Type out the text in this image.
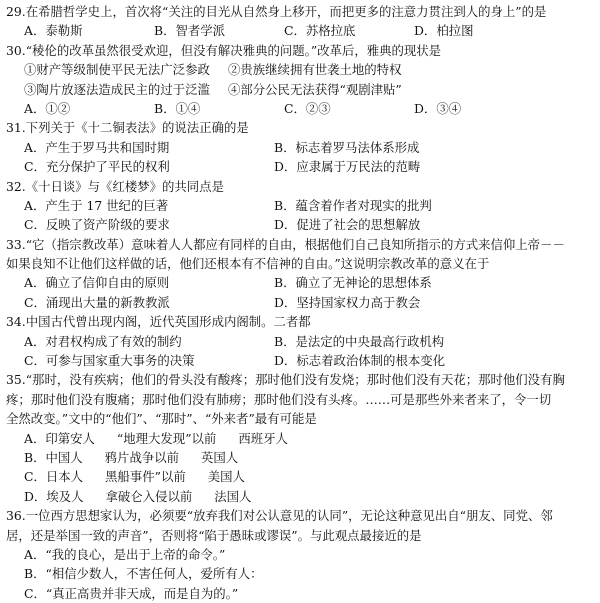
29.在希腊哲学史上，首次将“关注的目光从自然身上移开，而把更多的注意力贯注到人的身上”的是
A．泰勒斯	B．智者学派	C．苏格拉底	D．柏拉图
30.“稜伦的改革虽然很受欢迎，但没有解决雅典的问题。”改革后，雅典的现状是
①财产等级制使平民无法广泛参政	②贵族继续拥有世袭土地的特权
③陶片放逐法造成民主的过于泛滥	④部分公民无法获得“观剧津贴”
A．①②	B．①④	C．②③	D．③④
31.下列关于《十二铜表法》的说法正确的是
A．产生于罗马共和国时期	B．标志着罗马法体系形成
C．充分保护了平民的权利	D．应隶属于万民法的范畴
32.《十日谈》与《红楼梦》的共同点是
A．产生于 17 世纪的巨著	B．蕴含着作者对现实的批判
C．反映了资产阶级的要求	D．促进了社会的思想解放
33.“它（指宗教改革）意味着人人都应有同样的自由，根据他们自己良知所指示的方式来信仰上帝－－
如果良知不让他们这样做的话，他们还根本有不信神的自由。”这说明宗教改革的意义在于
A．确立了信仰自由的原则	B．确立了无神论的思想体系
C．涌现出大量的新教教派	D．坚持国家权力高于教会
34.中国古代曾出现内阁，近代英国形成内阁制。二者都
A．对君权构成了有效的制约	B．是法定的中央最高行政机构
C．可参与国家重大事务的决策	D．标志着政治体制的根本变化
35.“那时，没有疾病；他们的骨头没有酸疼；那时他们没有发烧；那时他们没有天花；那时他们没有胸
疼；那时他们没有腹痛；那时他们没有肺痨；那时他们没有头疼。……可是那些外来者来了，令一切
全然改变。”文中的“他们”、“那时”、“外来者”最有可能是
A．印第安人 “地理大发现”以前 西班牙人
B．中国人 鸦片战争以前 英国人
C．日本人 黑船事件”以前 美国人
D．埃及人 拿破仑入侵以前 法国人
36.一位西方思想家认为，必须要“放弃我们对公认意见的认同”，无论这种意见出自“朋友、同党、邻
居，还是举国一致的声音”，否则将“陷于愚昧或谬误”。与此观点最接近的是
A．“我的良心，是出于上帝的命令。”
B．“相信少数人，不害任何人，爱所有人：
C．“真正高贵并非天成，而是自为的。”
